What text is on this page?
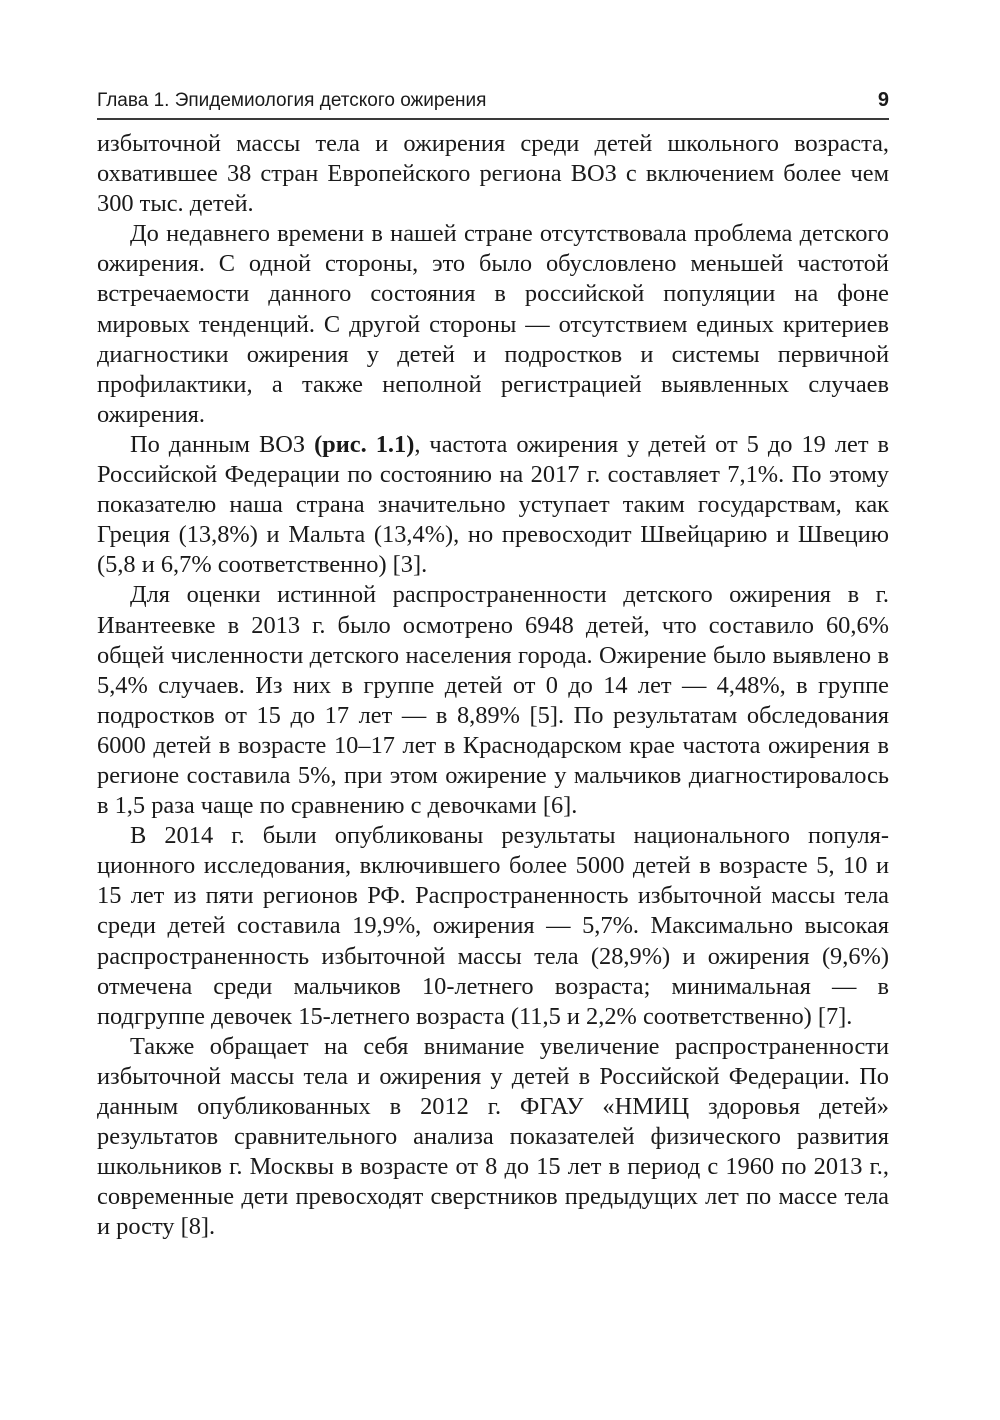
Глава 1. Эпидемиология детского ожирения	9

избыточной массы тела и ожирения среди детей школьного возраста, охватившее 38 стран Европейского региона ВОЗ с включением более чем 300 тыс. детей.

До недавнего времени в нашей стране отсутствовала проблема детского ожирения. С одной стороны, это было обусловлено меньшей частотой встречаемости данного состояния в российской популяции на фоне мировых тенденций. С другой стороны — отсутствием единых критериев диагностики ожирения у детей и подростков и системы первичной профилактики, а также неполной регистрацией выявленных случаев ожирения.

По данным ВОЗ (рис. 1.1), частота ожирения у детей от 5 до 19 лет в Российской Федерации по состоянию на 2017 г. составляет 7,1%. По этому показателю наша страна значительно уступает таким государствам, как Греция (13,8%) и Мальта (13,4%), но превосходит Швейцарию и Швецию (5,8 и 6,7% соответственно) [3].

Для оценки истинной распространенности детского ожирения в г. Ивантеевке в 2013 г. было осмотрено 6948 детей, что составило 60,6% общей численности детского населения города. Ожирение было выявлено в 5,4% случаев. Из них в группе детей от 0 до 14 лет — 4,48%, в группе подростков от 15 до 17 лет — в 8,89% [5]. По результатам обследования 6000 детей в возрасте 10–17 лет в Краснодарском крае частота ожирения в регионе составила 5%, при этом ожирение у мальчиков диагностировалось в 1,5 раза чаще по сравнению с девочками [6].

В 2014 г. были опубликованы результаты национального популяционного исследования, включившего более 5000 детей в возрасте 5, 10 и 15 лет из пяти регионов РФ. Распространенность избыточной массы тела среди детей составила 19,9%, ожирения — 5,7%. Максимально высокая распространенность избыточной массы тела (28,9%) и ожирения (9,6%) отмечена среди мальчиков 10-летнего возраста; минимальная — в подгруппе девочек 15-летнего возраста (11,5 и 2,2% соответственно) [7].

Также обращает на себя внимание увеличение распространенности избыточной массы тела и ожирения у детей в Российской Федерации. По данным опубликованных в 2012 г. ФГАУ «НМИЦ здоровья детей» результатов сравнительного анализа показателей физического развития школьников г. Москвы в возрасте от 8 до 15 лет в период с 1960 по 2013 г., современные дети превосходят сверстников предыдущих лет по массе тела и росту [8].
